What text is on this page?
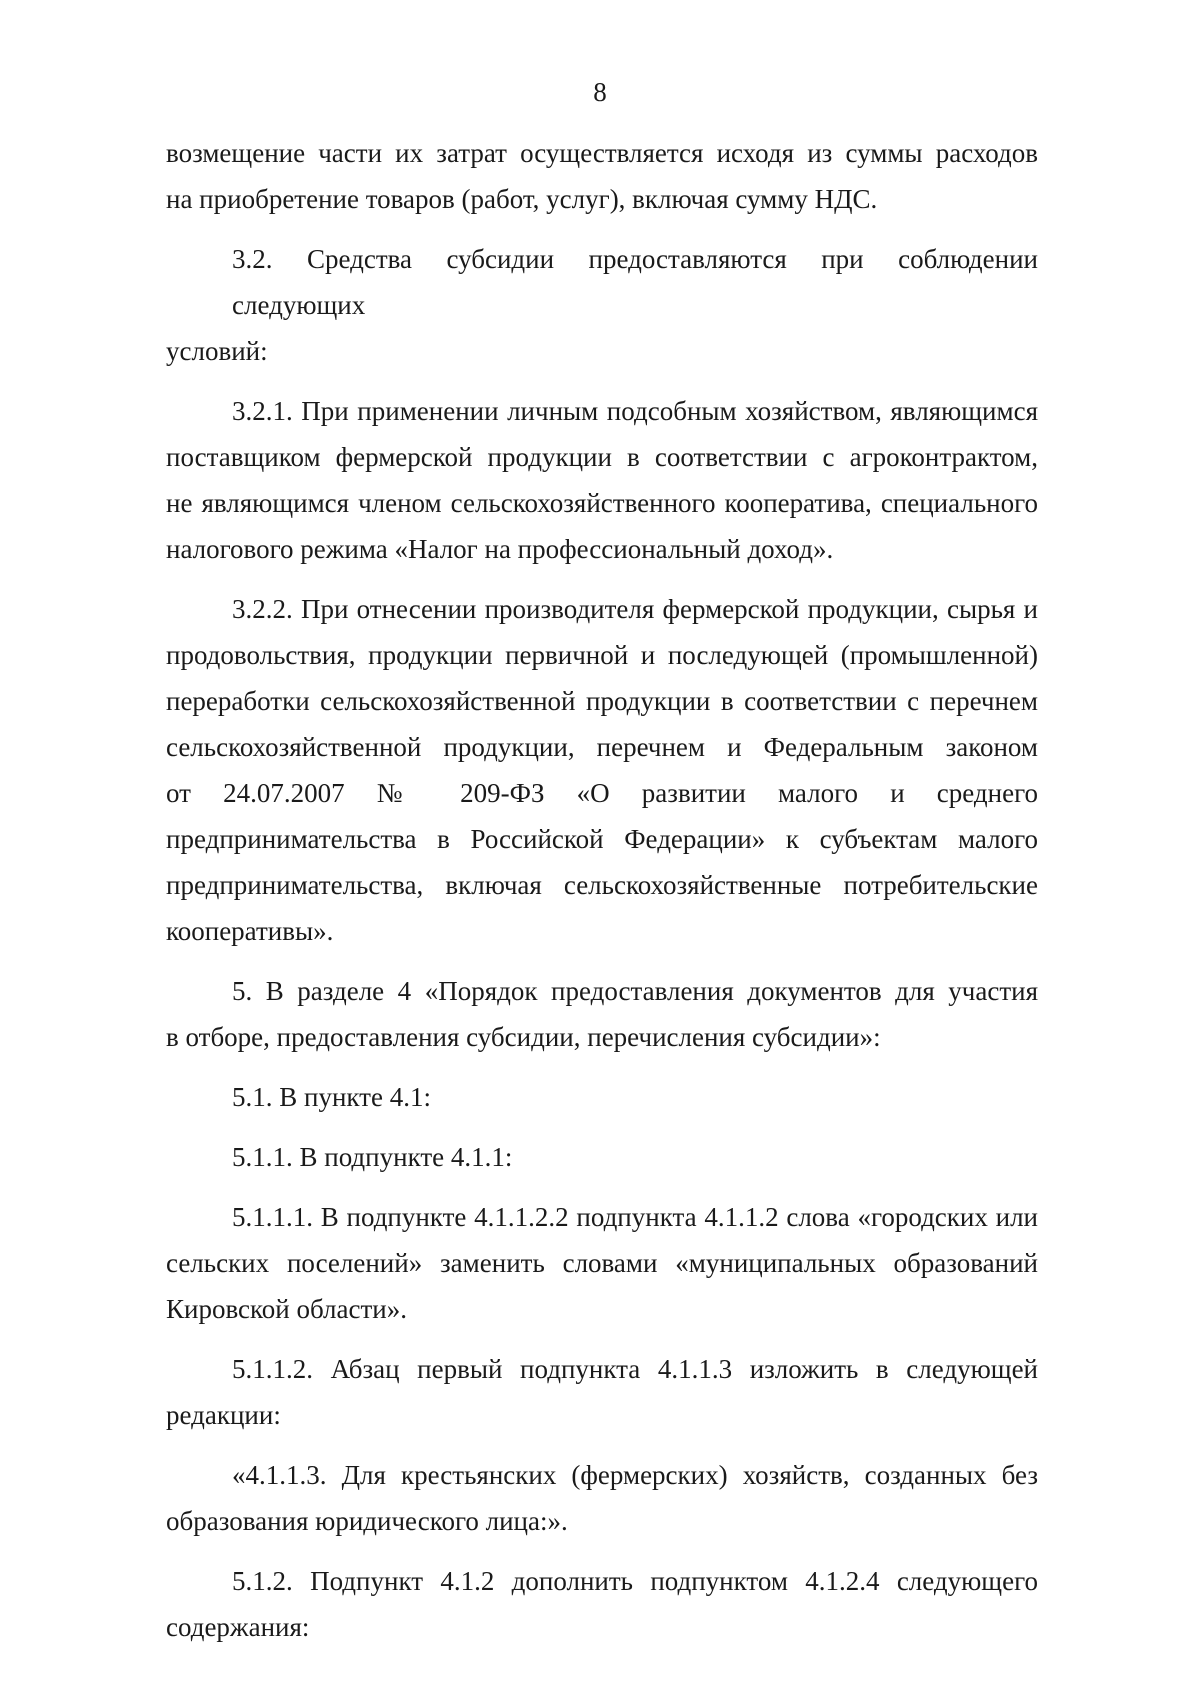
8
возмещение части их затрат осуществляется исходя из суммы расходов
на приобретение товаров (работ, услуг), включая сумму НДС.
3.2. Средства субсидии предоставляются при соблюдении следующих
условий:
3.2.1. При применении личным подсобным хозяйством, являющимся
поставщиком фермерской продукции в соответствии с агроконтрактом,
не являющимся членом сельскохозяйственного кооператива, специального
налогового режима «Налог на профессиональный доход».
3.2.2. При отнесении производителя фермерской продукции, сырья и
продовольствия, продукции первичной и последующей (промышленной)
переработки сельскохозяйственной продукции в соответствии с перечнем
сельскохозяйственной продукции, перечнем и Федеральным законом
от 24.07.2007 № 209-ФЗ «О развитии малого и среднего
предпринимательства в Российской Федерации» к субъектам малого
предпринимательства, включая сельскохозяйственные потребительские
кооперативы».
5. В разделе 4 «Порядок предоставления документов для участия
в отборе, предоставления субсидии, перечисления субсидии»:
5.1. В пункте 4.1:
5.1.1. В подпункте 4.1.1:
5.1.1.1. В подпункте 4.1.1.2.2 подпункта 4.1.1.2 слова «городских или
сельских поселений» заменить словами «муниципальных образований
Кировской области».
5.1.1.2. Абзац первый подпункта 4.1.1.3 изложить в следующей
редакции:
«4.1.1.3. Для крестьянских (фермерских) хозяйств, созданных без
образования юридического лица:».
5.1.2. Подпункт 4.1.2 дополнить подпунктом 4.1.2.4 следующего
содержания:
